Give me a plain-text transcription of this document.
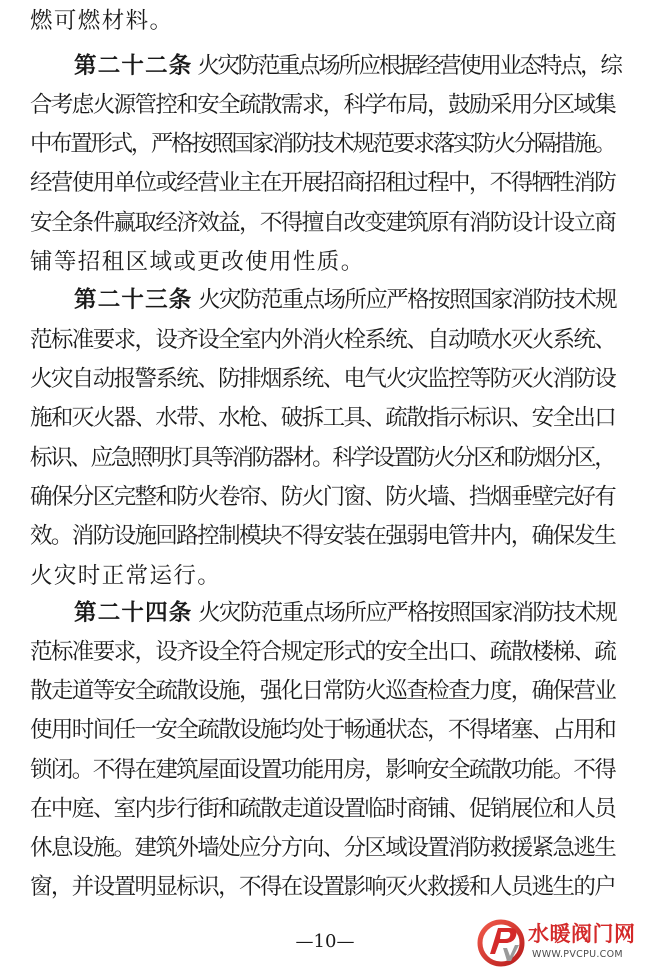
燃可燃材料。
第二十二条 火灾防范重点场所应根据经营使用业态特点，综
合考虑火源管控和安全疏散需求，科学布局，鼓励采用分区域集
中布置形式，严格按照国家消防技术规范要求落实防火分隔措施。
经营使用单位或经营业主在开展招商招租过程中，不得牺牲消防
安全条件赢取经济效益，不得擅自改变建筑原有消防设计设立商
铺等招租区域或更改使用性质。
第二十三条 火灾防范重点场所应严格按照国家消防技术规
范标准要求，设齐设全室内外消火栓系统、自动喷水灭火系统、
火灾自动报警系统、防排烟系统、电气火灾监控等防灭火消防设
施和灭火器、水带、水枪、破拆工具、疏散指示标识、安全出口
标识、应急照明灯具等消防器材。科学设置防火分区和防烟分区，
确保分区完整和防火卷帘、防火门窗、防火墙、挡烟垂壁完好有
效。消防设施回路控制模块不得安装在强弱电管井内，确保发生
火灾时正常运行。
第二十四条 火灾防范重点场所应严格按照国家消防技术规
范标准要求，设齐设全符合规定形式的安全出口、疏散楼梯、疏
散走道等安全疏散设施，强化日常防火巡查检查力度，确保营业
使用时间任一安全疏散设施均处于畅通状态，不得堵塞、占用和
锁闭。不得在建筑屋面设置功能用房，影响安全疏散功能。不得
在中庭、室内步行街和疏散走道设置临时商铺、促销展位和人员
休息设施。建筑外墙处应分方向、分区域设置消防救援紧急逃生
窗，并设置明显标识，不得在设置影响灭火救援和人员逃生的户
—10—	水暖阀门网
WWW.PVCPU.COM
